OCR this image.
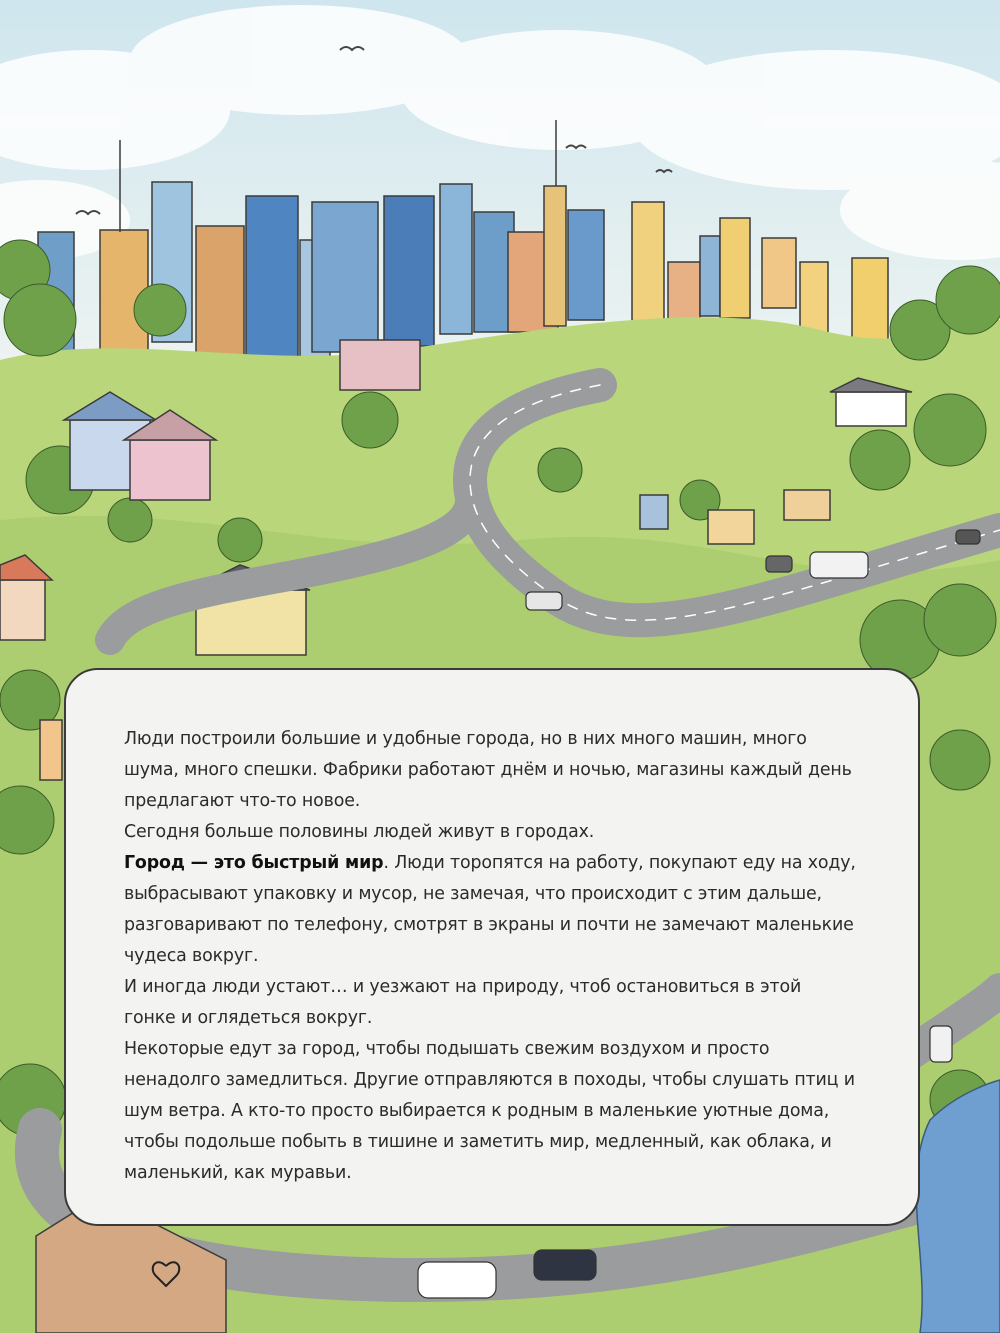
Люди построили большие и удобные города, но в них много машин, много шума, много спешки. Фабрики работают днём и ночью, магазины каждый день предлагают что-то новое.

Сегодня больше половины людей живут в городах.

Город — это быстрый мир. Люди торопятся на работу, покупают еду на ходу, выбрасывают упаковку и мусор, не замечая, что происходит с этим дальше, разговаривают по телефону, смотрят в экраны и почти не замечают маленькие чудеса вокруг.

И иногда люди устают… и уезжают на природу, чтоб остановиться в этой гонке и оглядеться вокруг.

Некоторые едут за город, чтобы подышать свежим воздухом и просто ненадолго замедлиться. Другие отправляются в походы, чтобы слушать птиц и шум ветра. А кто-то просто выбирается к родным в маленькие уютные дома, чтобы подольше побыть в тишине и заметить мир, медленный, как облака, и маленький, как муравьи.
